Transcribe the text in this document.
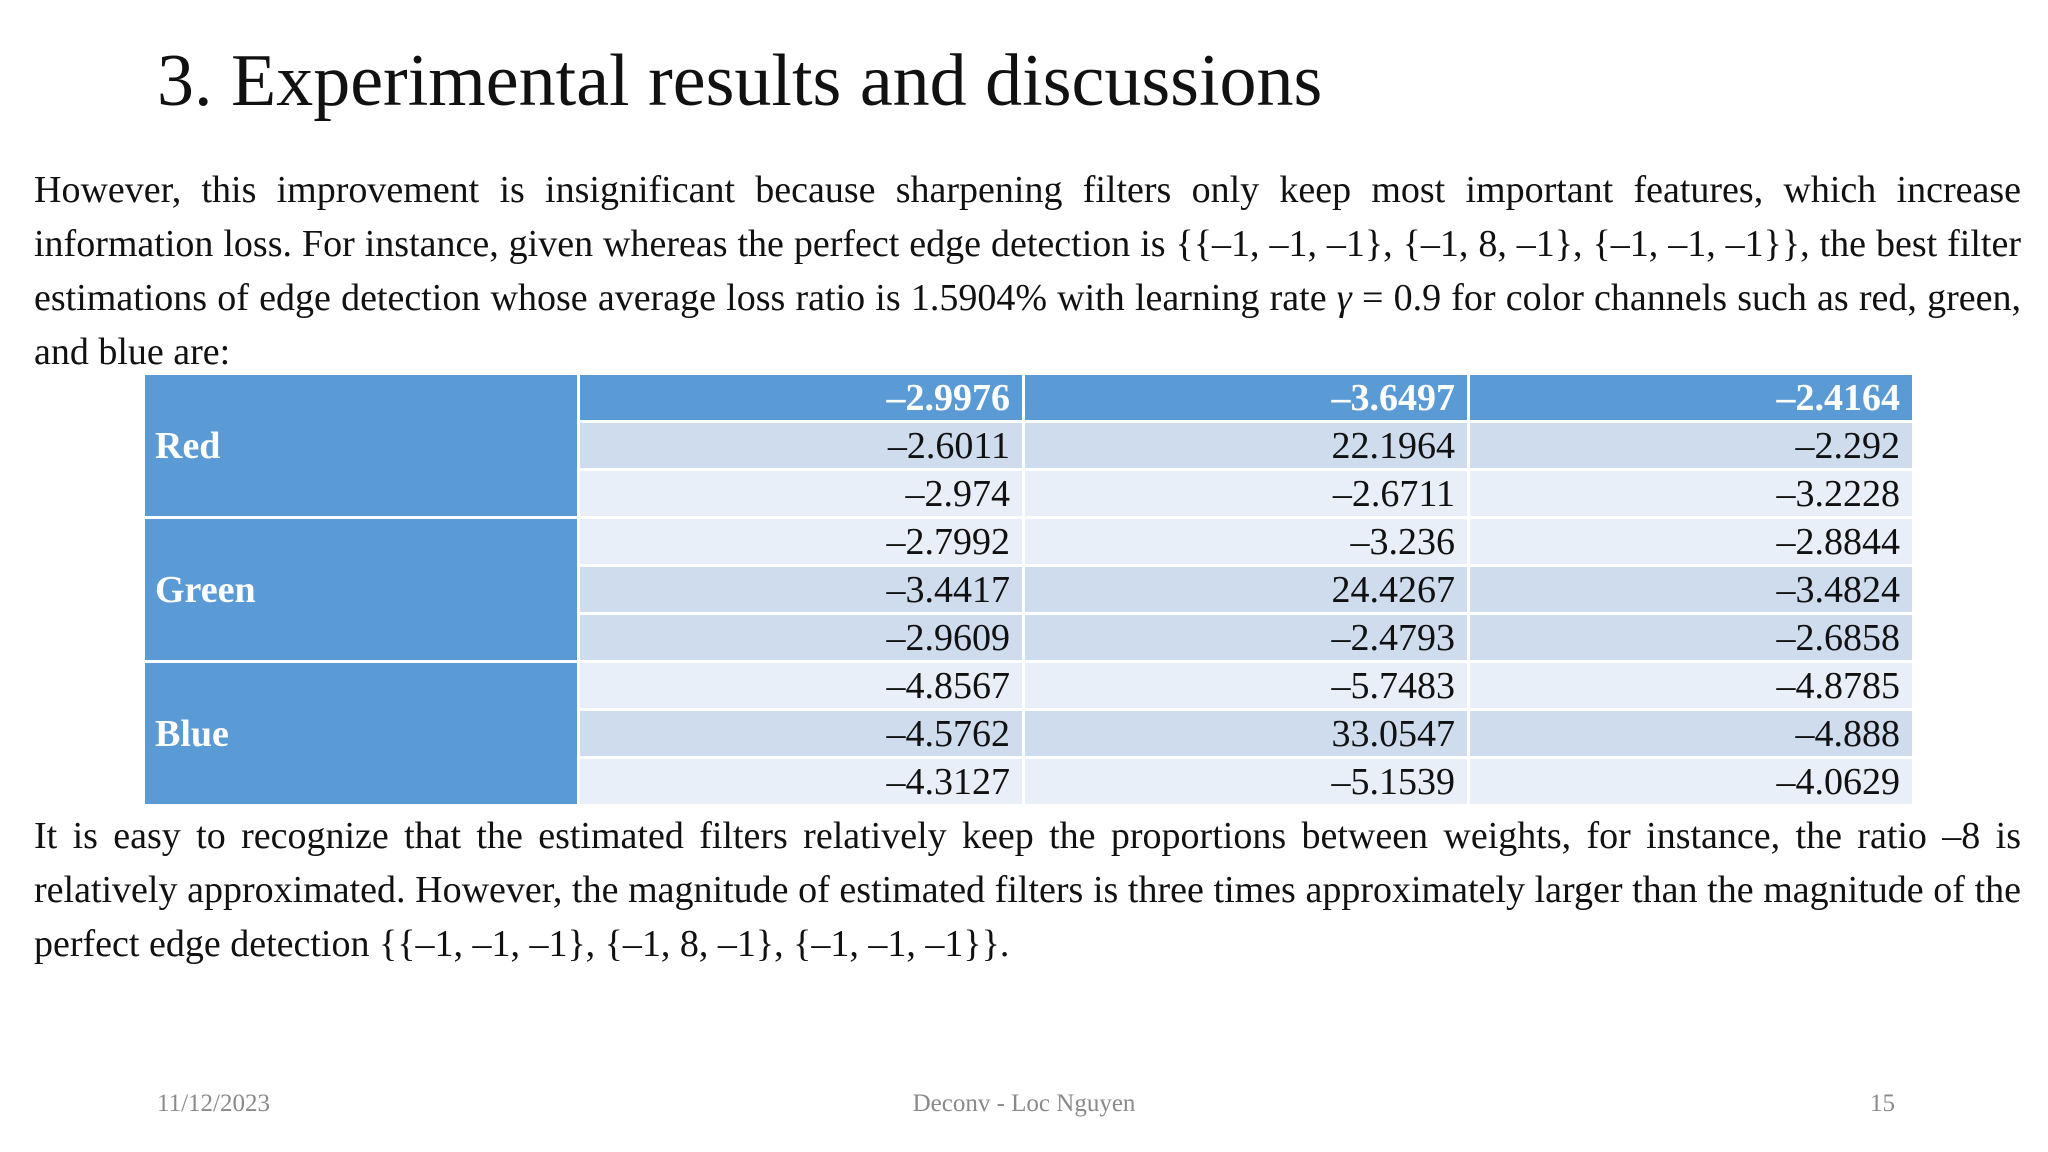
3. Experimental results and discussions

However, this improvement is insignificant because sharpening filters only keep most important features, which increase information loss. For instance, given whereas the perfect edge detection is {{–1, –1, –1}, {–1, 8, –1}, {–1, –1, –1}}, the best filter estimations of edge detection whose average loss ratio is 1.5904% with learning rate γ = 0.9 for color channels such as red, green, and blue are:

Red	–2.9976	–3.6497	–2.4164
	–2.6011	22.1964	–2.292
	–2.974	–2.6711	–3.2228
Green	–2.7992	–3.236	–2.8844
	–3.4417	24.4267	–3.4824
	–2.9609	–2.4793	–2.6858
Blue	–4.8567	–5.7483	–4.8785
	–4.5762	33.0547	–4.888
	–4.3127	–5.1539	–4.0629

It is easy to recognize that the estimated filters relatively keep the proportions between weights, for instance, the ratio –8 is relatively approximated. However, the magnitude of estimated filters is three times approximately larger than the magnitude of the perfect edge detection {{–1, –1, –1}, {–1, 8, –1}, {–1, –1, –1}}.

11/12/2023	Deconv - Loc Nguyen	15
